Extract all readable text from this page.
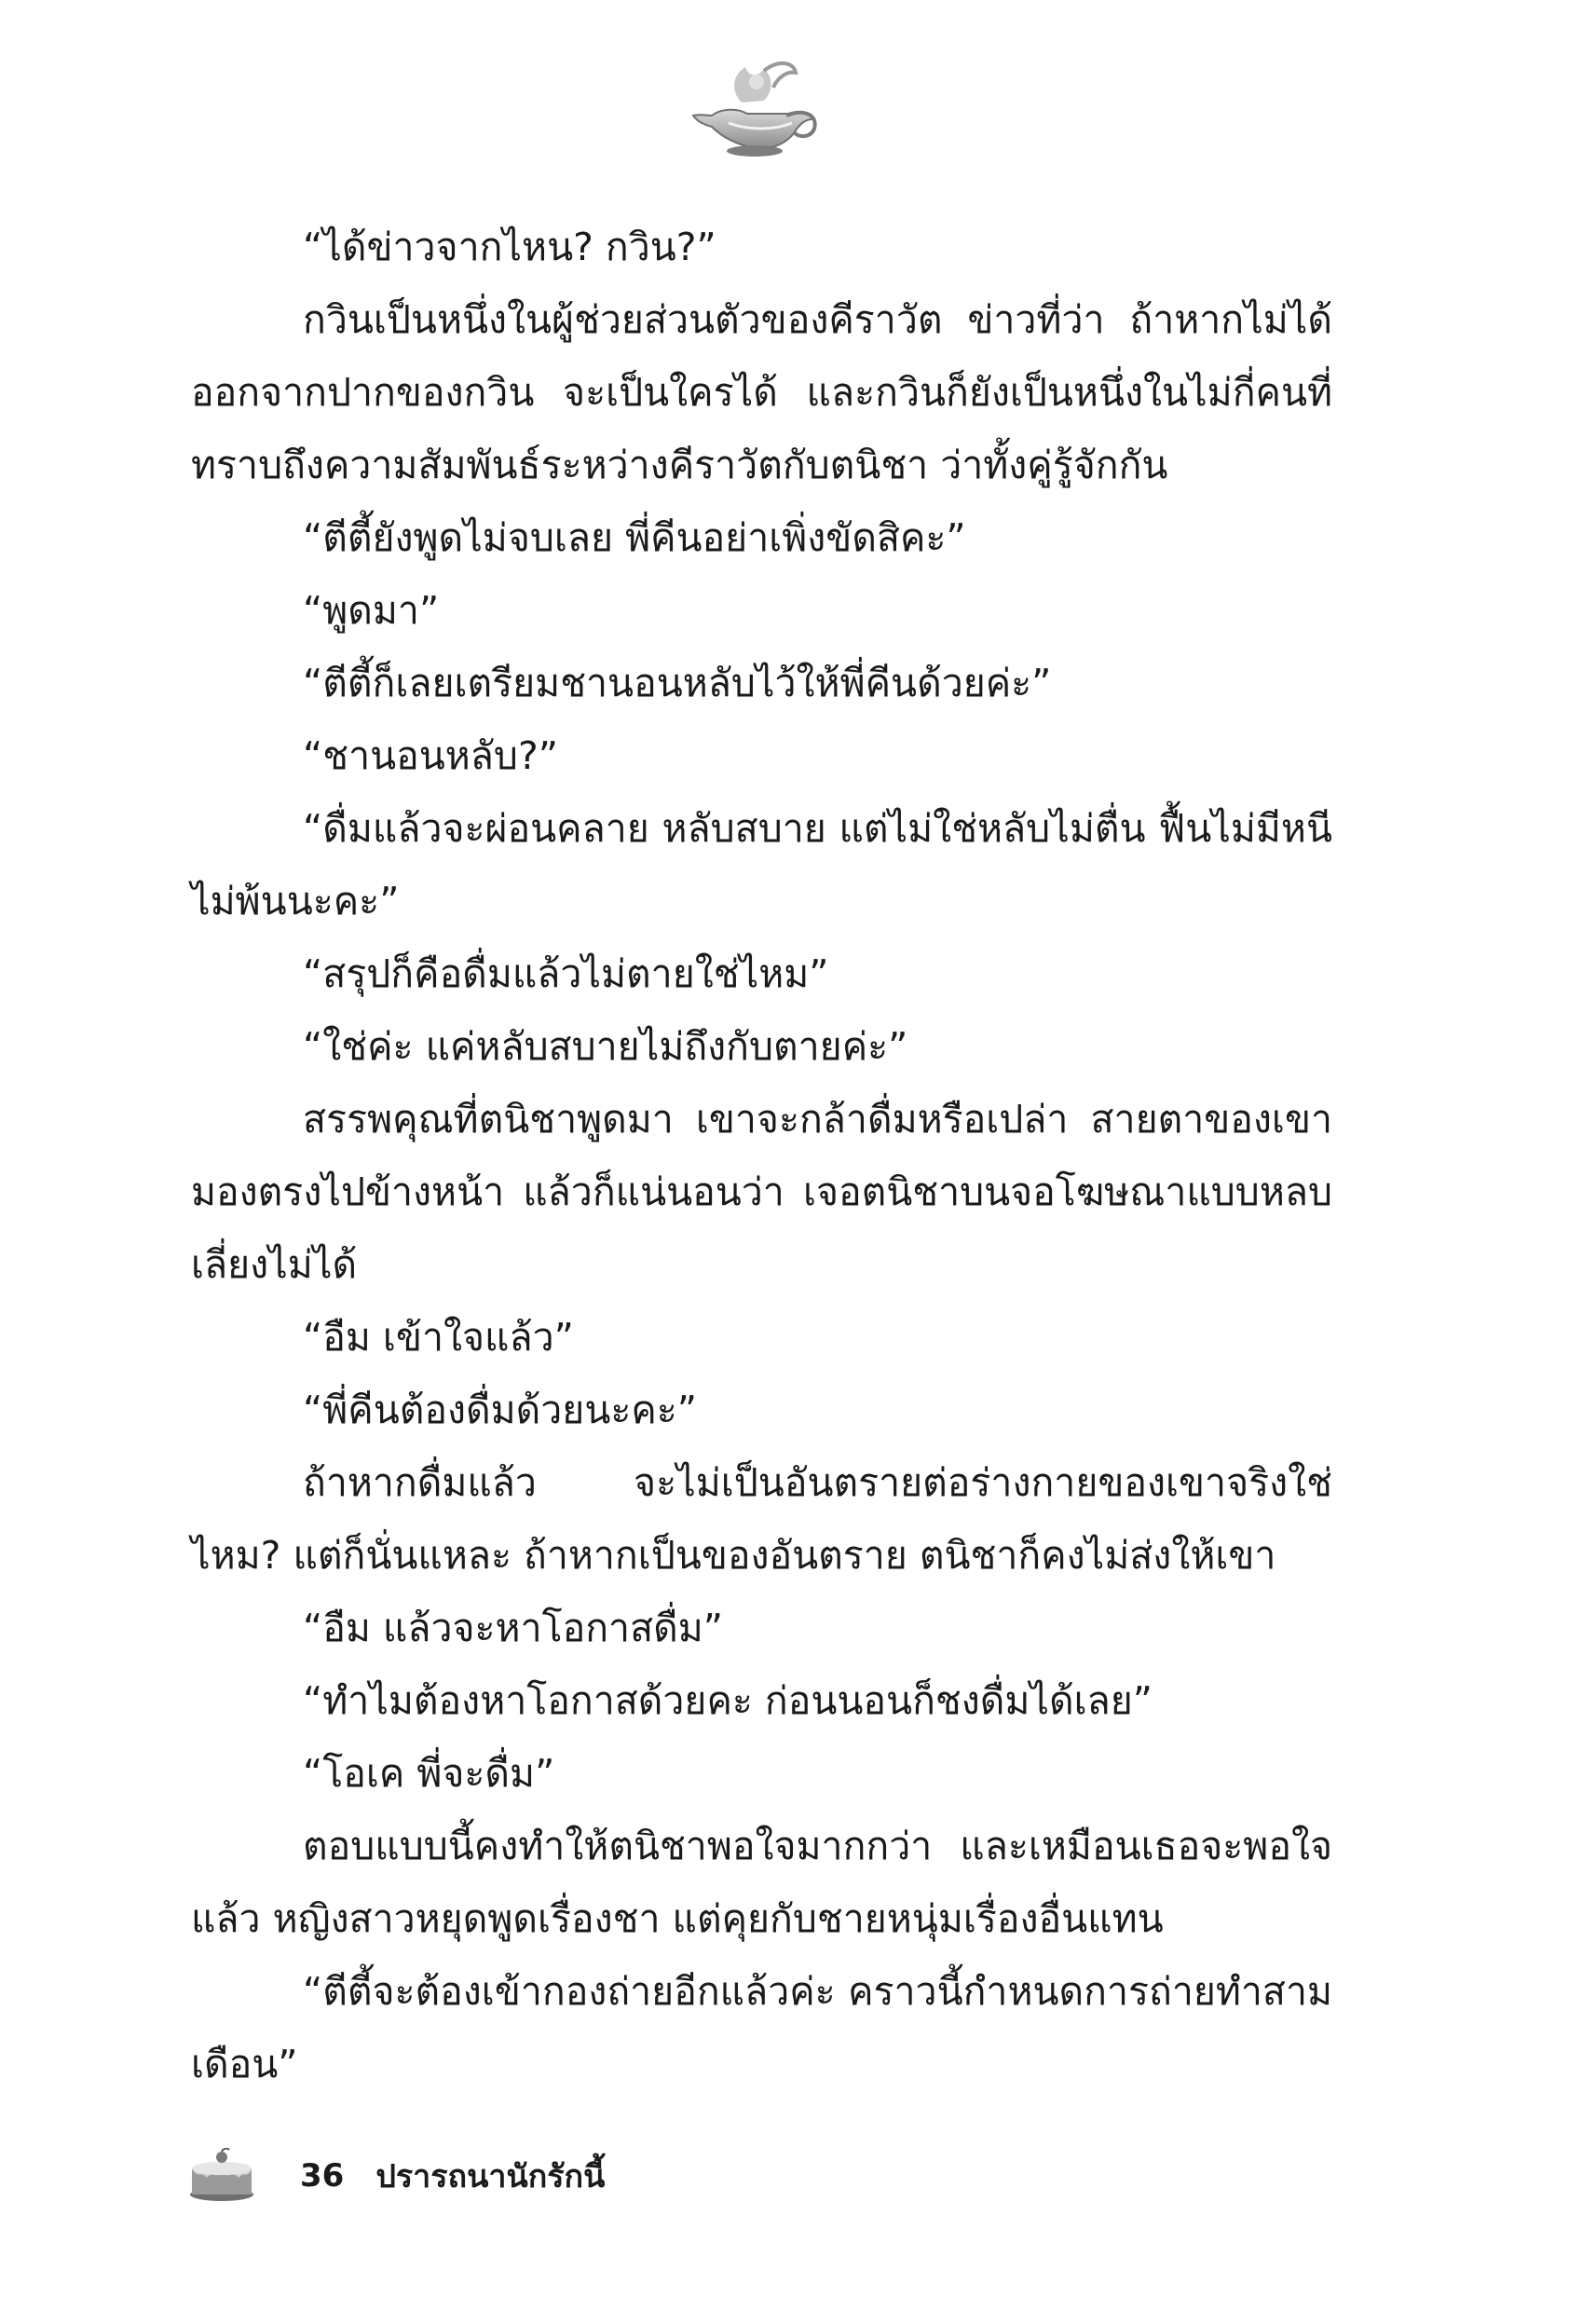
“ได้ข่าวจากไหน? กวิน?”

กวินเป็นหนึ่งในผู้ช่วยส่วนตัวของคีราวัต ข่าวที่ว่า ถ้าหากไม่ได้ออกจากปากของกวิน จะเป็นใครได้ และกวินก็ยังเป็นหนึ่งในไม่กี่คนที่ทราบถึงความสัมพันธ์ระหว่างคีราวัตกับตนิชา ว่าทั้งคู่รู้จักกัน

“ตีตี้ยังพูดไม่จบเลย พี่คีนอย่าเพิ่งขัดสิคะ”

“พูดมา”

“ตีตี้ก็เลยเตรียมชานอนหลับไว้ให้พี่คีนด้วยค่ะ”

“ชานอนหลับ?”

“ดื่มแล้วจะผ่อนคลาย หลับสบาย แต่ไม่ใช่หลับไม่ตื่น ฟื้นไม่มีหนีไม่พ้นนะคะ”

“สรุปก็คือดื่มแล้วไม่ตายใช่ไหม”

“ใช่ค่ะ แค่หลับสบายไม่ถึงกับตายค่ะ”

สรรพคุณที่ตนิชาพูดมา เขาจะกล้าดื่มหรือเปล่า สายตาของเขามองตรงไปข้างหน้า แล้วก็แน่นอนว่า เจอตนิชาบนจอโฆษณาแบบหลบเลี่ยงไม่ได้

“อืม เข้าใจแล้ว”

“พี่คีนต้องดื่มด้วยนะคะ”

ถ้าหากดื่มแล้ว จะไม่เป็นอันตรายต่อร่างกายของเขาจริงใช่ไหม? แต่ก็นั่นแหละ ถ้าหากเป็นของอันตราย ตนิชาก็คงไม่ส่งให้เขา

“อืม แล้วจะหาโอกาสดื่ม”

“ทำไมต้องหาโอกาสด้วยคะ ก่อนนอนก็ชงดื่มได้เลย”

“โอเค พี่จะดื่ม”

ตอบแบบนี้คงทำให้ตนิชาพอใจมากกว่า และเหมือนเธอจะพอใจแล้ว หญิงสาวหยุดพูดเรื่องชา แต่คุยกับชายหนุ่มเรื่องอื่นแทน

“ตีตี้จะต้องเข้ากองถ่ายอีกแล้วค่ะ คราวนี้กำหนดการถ่ายทำสามเดือน”

36 ปรารถนานักรักนี้
